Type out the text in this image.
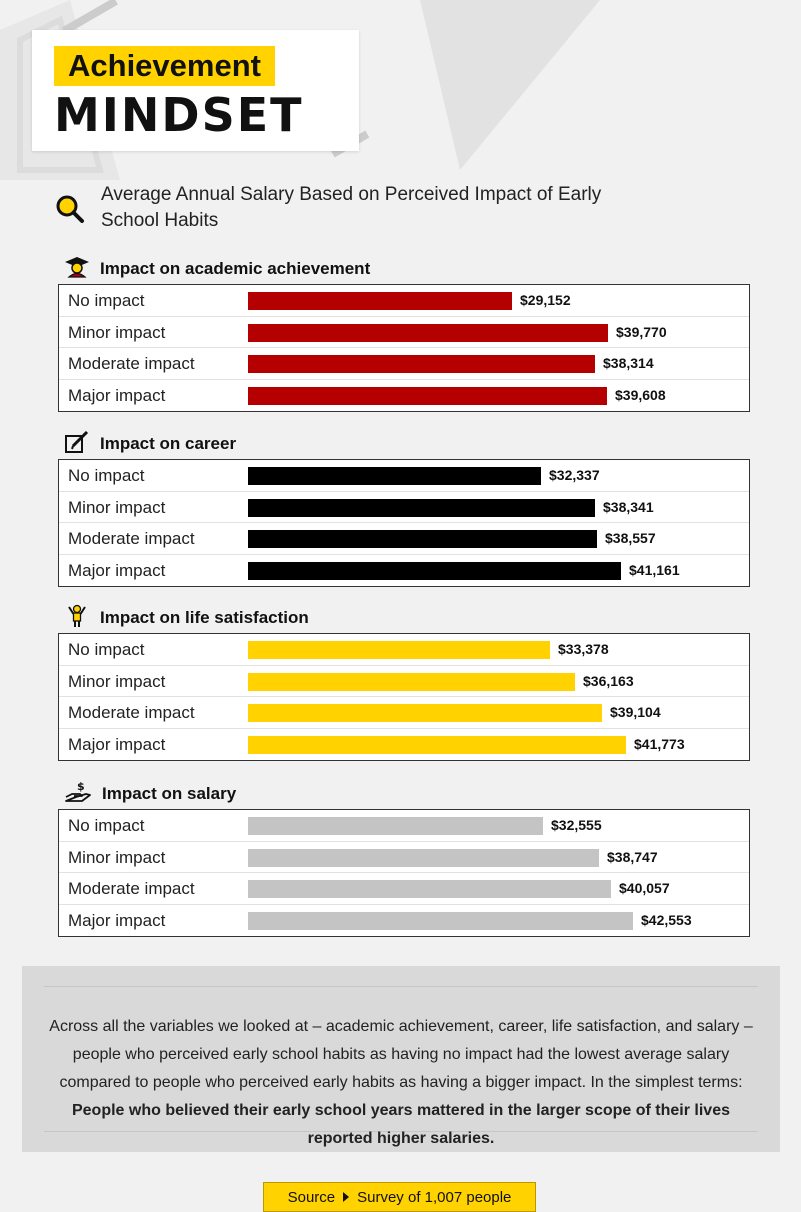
Achievement
MINDSET
Average Annual Salary Based on Perceived Impact of Early School Habits
Impact on academic achievement
No impact	$29,152
Minor impact	$39,770
Moderate impact	$38,314
Major impact	$39,608
Impact on career
No impact	$32,337
Minor impact	$38,341
Moderate impact	$38,557
Major impact	$41,161
Impact on life satisfaction
No impact	$33,378
Minor impact	$36,163
Moderate impact	$39,104
Major impact	$41,773
$ Impact on salary
No impact	$32,555
Minor impact	$38,747
Moderate impact	$40,057
Major impact	$42,553
Across all the variables we looked at – academic achievement, career, life satisfaction, and salary – people who perceived early school habits as having no impact had the lowest average salary compared to people who perceived early habits as having a bigger impact. In the simplest terms: People who believed their early school years mattered in the larger scope of their lives reported higher salaries.
Source Survey of 1,007 people
